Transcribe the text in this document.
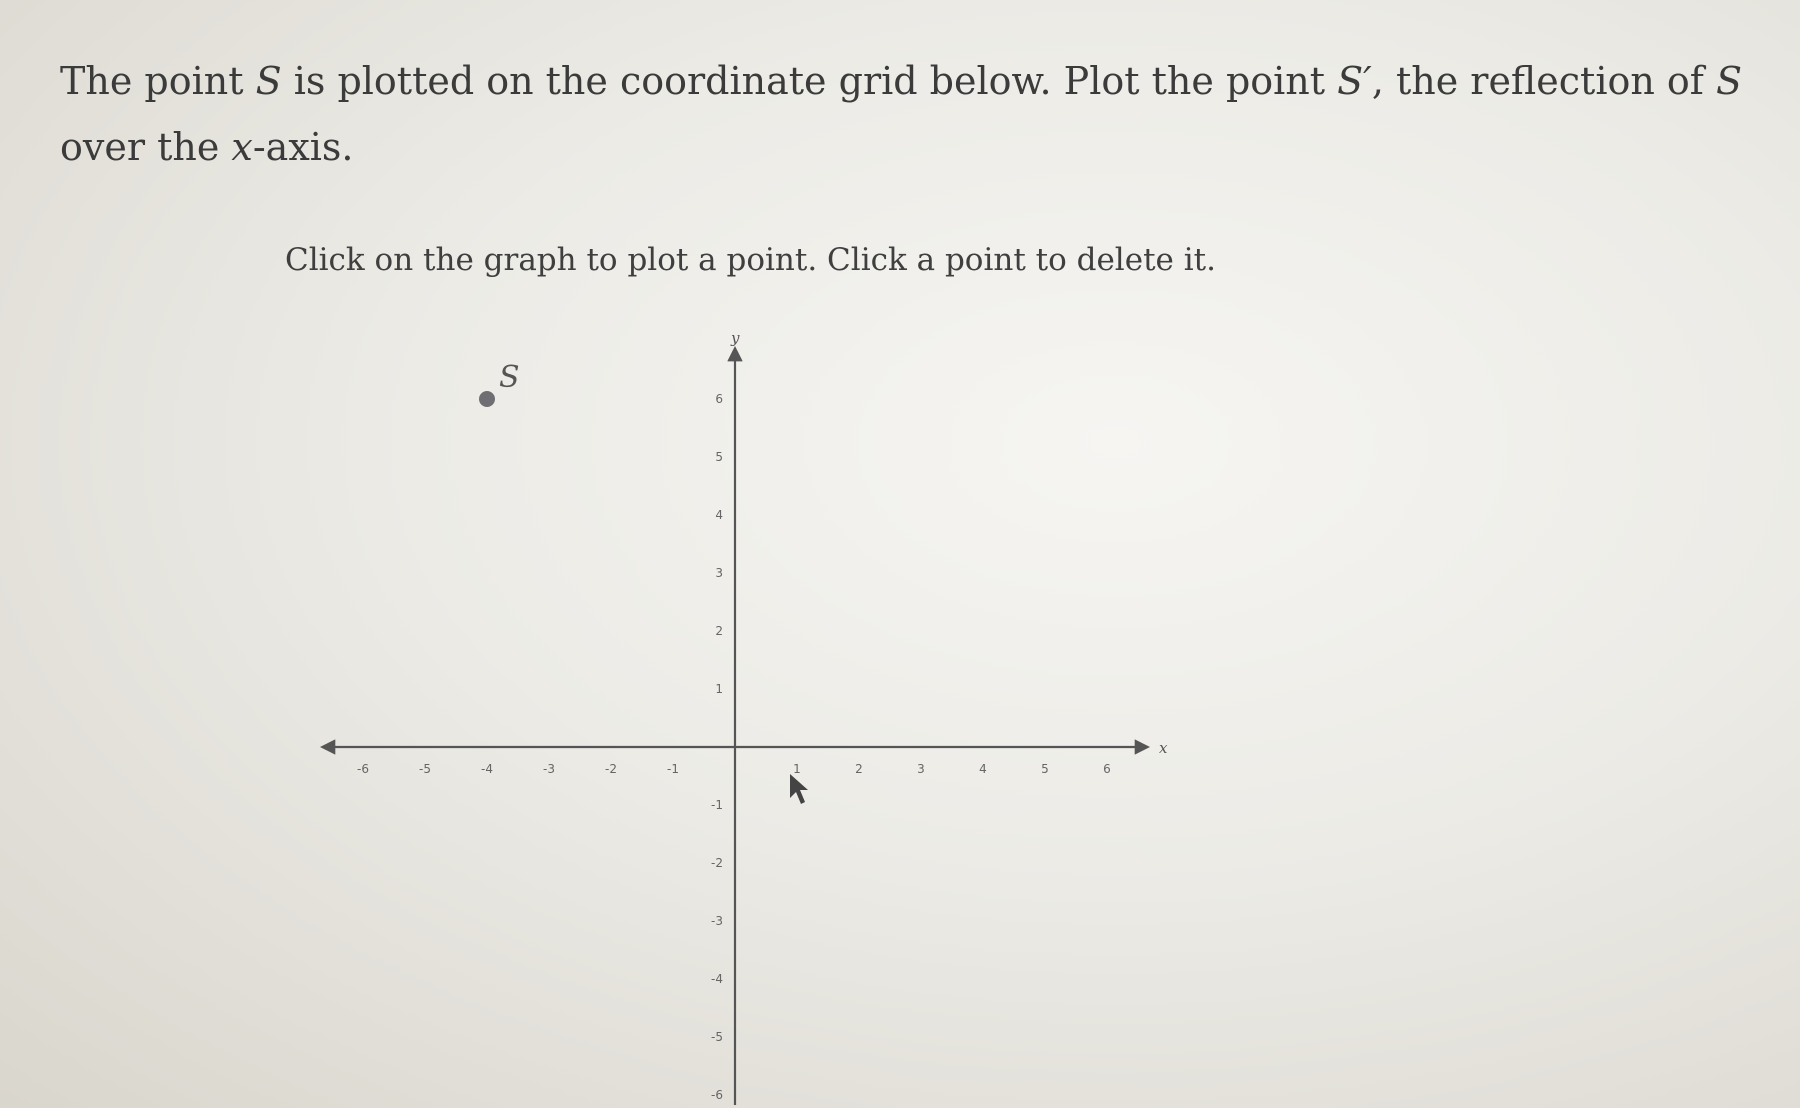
The point S is plotted on the coordinate grid below. Plot the point S′, the reflection of S over the x-axis.

Click on the graph to plot a point. Click a point to delete it.

x
y
-6	-5	-4	-3	-2	-1	1	2	3	4	5	6
6
5
4
3
2
1
-1
-2
-3
-4
-5
-6
S
